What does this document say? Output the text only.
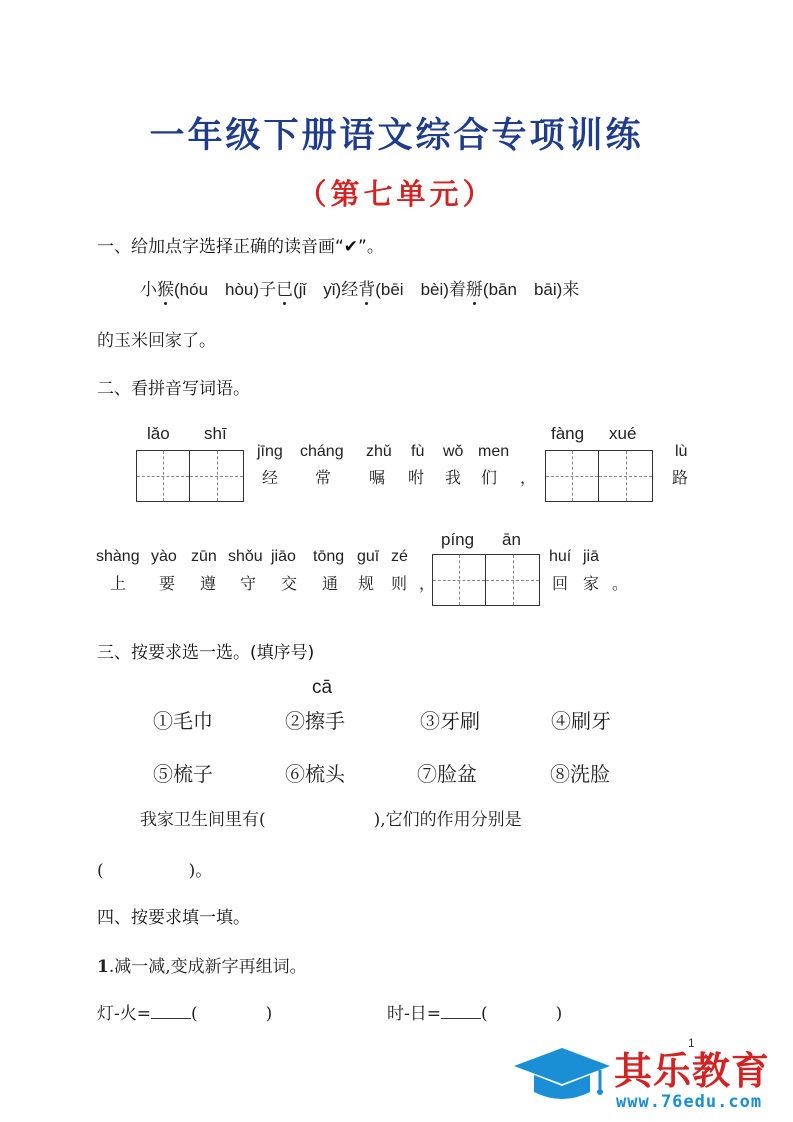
一年级下册语文综合专项训练
（第七单元）
一、给加点字选择正确的读音画“✔”。
小猴(hóu　hòu)子已(jǐ　yǐ)经背(bēi　bèi)着掰(bān　bāi)来
的玉米回家了。
二、看拼音写词语。
lǎo shī
jīng cháng zhǔ fù wǒ men
经 常 嘱 咐 我 们 ，
fàng xué
lù
路
shàng yào zūn shǒu jiāo tōng guī zé
上 要 遵 守 交 通 规 则 ，
píng ān
huí jiā
回 家 。
三、按要求选一选。(填序号)
cā
①毛巾	②擦手	③牙刷	④刷牙
⑤梳子	⑥梳头	⑦脸盆	⑧洗脸
我家卫生间里有(	),它们的作用分别是
(　　　　　)。
四、按要求填一填。
1.减一减,变成新字再组词。
灯-火= (　　　　)	时-日= (　　　　)
1
其乐教育
www.76edu.com
